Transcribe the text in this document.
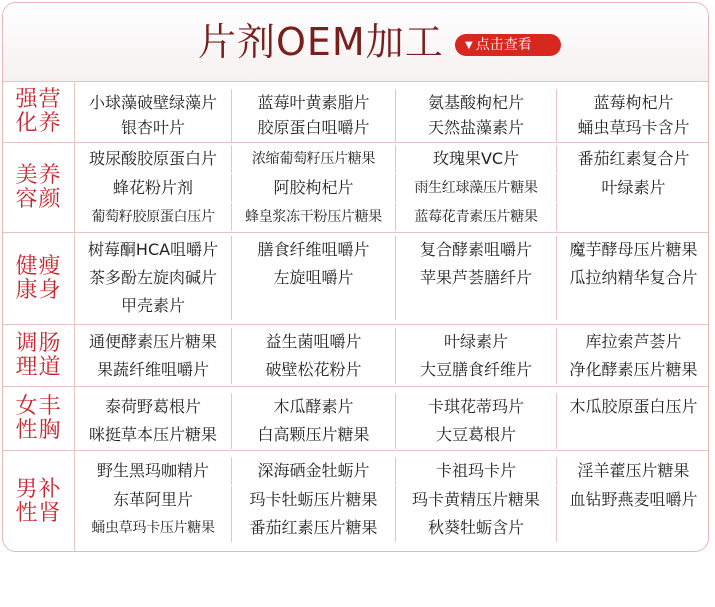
片剂OEM加工	▼ 点击查看
强营化养
小球藻破壁绿藻片	蓝莓叶黄素脂片	氨基酸枸杞片	蓝莓枸杞片
银杏叶片	胶原蛋白咀嚼片	天然盐藻素片	蛹虫草玛卡含片
美养容颜
玻尿酸胶原蛋白片	浓缩葡萄籽压片糖果	玫瑰果VC片	番茄红素复合片
蜂花粉片剂	阿胶枸杞片	雨生红球藻压片糖果	叶绿素片
葡萄籽胶原蛋白压片	蜂皇浆冻干粉压片糖果	蓝莓花青素压片糖果
健瘦康身
树莓酮HCA咀嚼片	膳食纤维咀嚼片	复合酵素咀嚼片	魔芋酵母压片糖果
茶多酚左旋肉碱片	左旋咀嚼片	苹果芦荟膳纤片	瓜拉纳精华复合片
甲壳素片
调肠理道
通便酵素压片糖果	益生菌咀嚼片	叶绿素片	库拉索芦荟片
果蔬纤维咀嚼片	破壁松花粉片	大豆膳食纤维片	净化酵素压片糖果
女丰性胸
泰荷野葛根片	木瓜酵素片	卡琪花蒂玛片	木瓜胶原蛋白压片
咪挺草本压片糖果	白高颗压片糖果	大豆葛根片
男补性肾
野生黑玛咖精片	深海硒金牡蛎片	卡祖玛卡片	淫羊藿压片糖果
东革阿里片	玛卡牡蛎压片糖果	玛卡黄精压片糖果	血钻野燕麦咀嚼片
蛹虫草玛卡压片糖果	番茄红素压片糖果	秋葵牡蛎含片
